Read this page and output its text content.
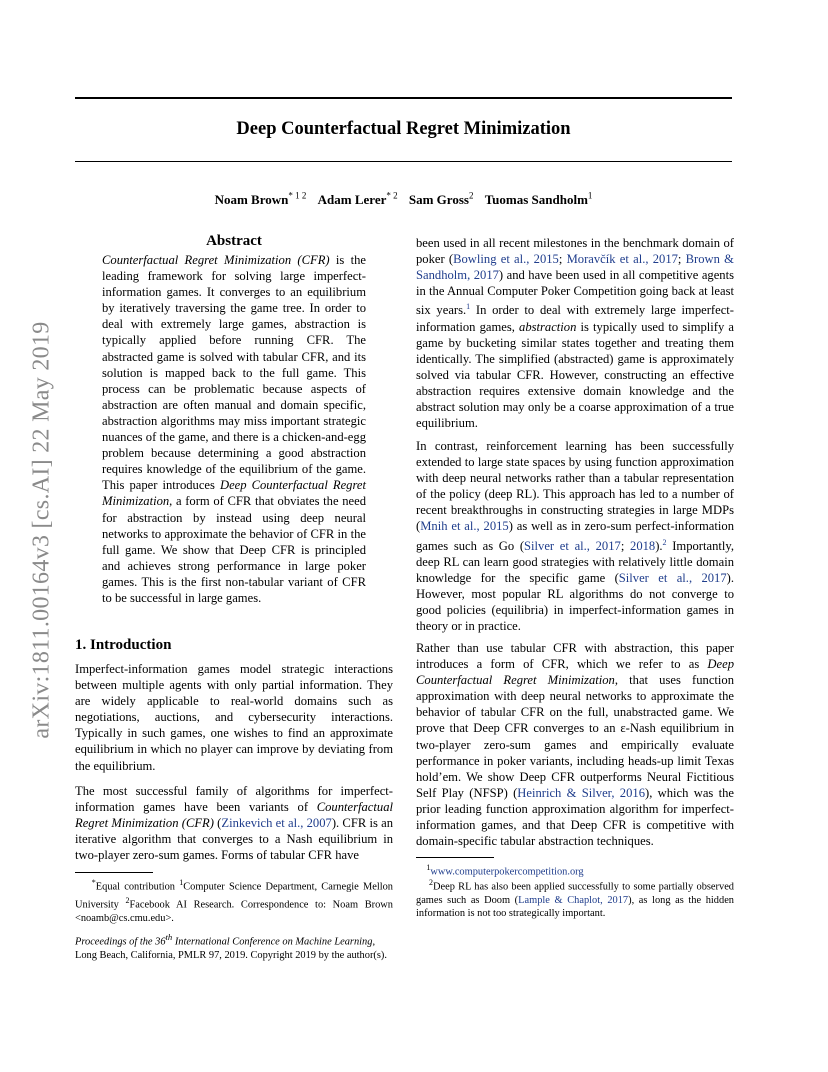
Deep Counterfactual Regret Minimization
Noam Brown$^{* 1 2}$ Adam Lerer$^{* 2}$ Sam Gross$^2$ Tuomas Sandholm$^1$
arXiv:1811.00164v3 [cs.AI] 22 May 2019
Abstract
Counterfactual Regret Minimization (CFR) is the leading framework for solving large imperfect-information games. It converges to an equilibrium by iteratively traversing the game tree. In order to deal with extremely large games, abstraction is typically applied before running CFR. The abstracted game is solved with tabular CFR, and its solution is mapped back to the full game. This process can be problematic because aspects of abstraction are often manual and domain specific, abstraction algorithms may miss important strategic nuances of the game, and there is a chicken-and-egg problem because determining a good abstraction requires knowledge of the equilibrium of the game. This paper introduces Deep Counterfactual Regret Minimization, a form of CFR that obviates the need for abstraction by instead using deep neural networks to approximate the behavior of CFR in the full game. We show that Deep CFR is principled and achieves strong performance in large poker games. This is the first non-tabular variant of CFR to be successful in large games.
1. Introduction
Imperfect-information games model strategic interactions between multiple agents with only partial information. They are widely applicable to real-world domains such as negotiations, auctions, and cybersecurity interactions. Typically in such games, one wishes to find an approximate equilibrium in which no player can improve by deviating from the equilibrium.
The most successful family of algorithms for imperfect-information games have been variants of Counterfactual Regret Minimization (CFR) (Zinkevich et al., 2007). CFR is an iterative algorithm that converges to a Nash equilibrium in two-player zero-sum games. Forms of tabular CFR have
*Equal contribution $^1$Computer Science Department, Carnegie Mellon University $^2$Facebook AI Research. Correspondence to: Noam Brown <noamb@cs.cmu.edu>.
Proceedings of the 36th International Conference on Machine Learning, Long Beach, California, PMLR 97, 2019. Copyright 2019 by the author(s).
been used in all recent milestones in the benchmark domain of poker (Bowling et al., 2015; Moravčík et al., 2017; Brown & Sandholm, 2017) and have been used in all competitive agents in the Annual Computer Poker Competition going back at least six years.$^1$ In order to deal with extremely large imperfect-information games, abstraction is typically used to simplify a game by bucketing similar states together and treating them identically. The simplified (abstracted) game is approximately solved via tabular CFR. However, constructing an effective abstraction requires extensive domain knowledge and the abstract solution may only be a coarse approximation of a true equilibrium.
In contrast, reinforcement learning has been successfully extended to large state spaces by using function approximation with deep neural networks rather than a tabular representation of the policy (deep RL). This approach has led to a number of recent breakthroughs in constructing strategies in large MDPs (Mnih et al., 2015) as well as in zero-sum perfect-information games such as Go (Silver et al., 2017; 2018).$^2$ Importantly, deep RL can learn good strategies with relatively little domain knowledge for the specific game (Silver et al., 2017). However, most popular RL algorithms do not converge to good policies (equilibria) in imperfect-information games in theory or in practice.
Rather than use tabular CFR with abstraction, this paper introduces a form of CFR, which we refer to as Deep Counterfactual Regret Minimization, that uses function approximation with deep neural networks to approximate the behavior of tabular CFR on the full, unabstracted game. We prove that Deep CFR converges to an ε-Nash equilibrium in two-player zero-sum games and empirically evaluate performance in poker variants, including heads-up limit Texas hold’em. We show Deep CFR outperforms Neural Fictitious Self Play (NFSP) (Heinrich & Silver, 2016), which was the prior leading function approximation algorithm for imperfect-information games, and that Deep CFR is competitive with domain-specific tabular abstraction techniques.
$^1$www.computerpokercompetition.org
$^2$Deep RL has also been applied successfully to some partially observed games such as Doom (Lample & Chaplot, 2017), as long as the hidden information is not too strategically important.
